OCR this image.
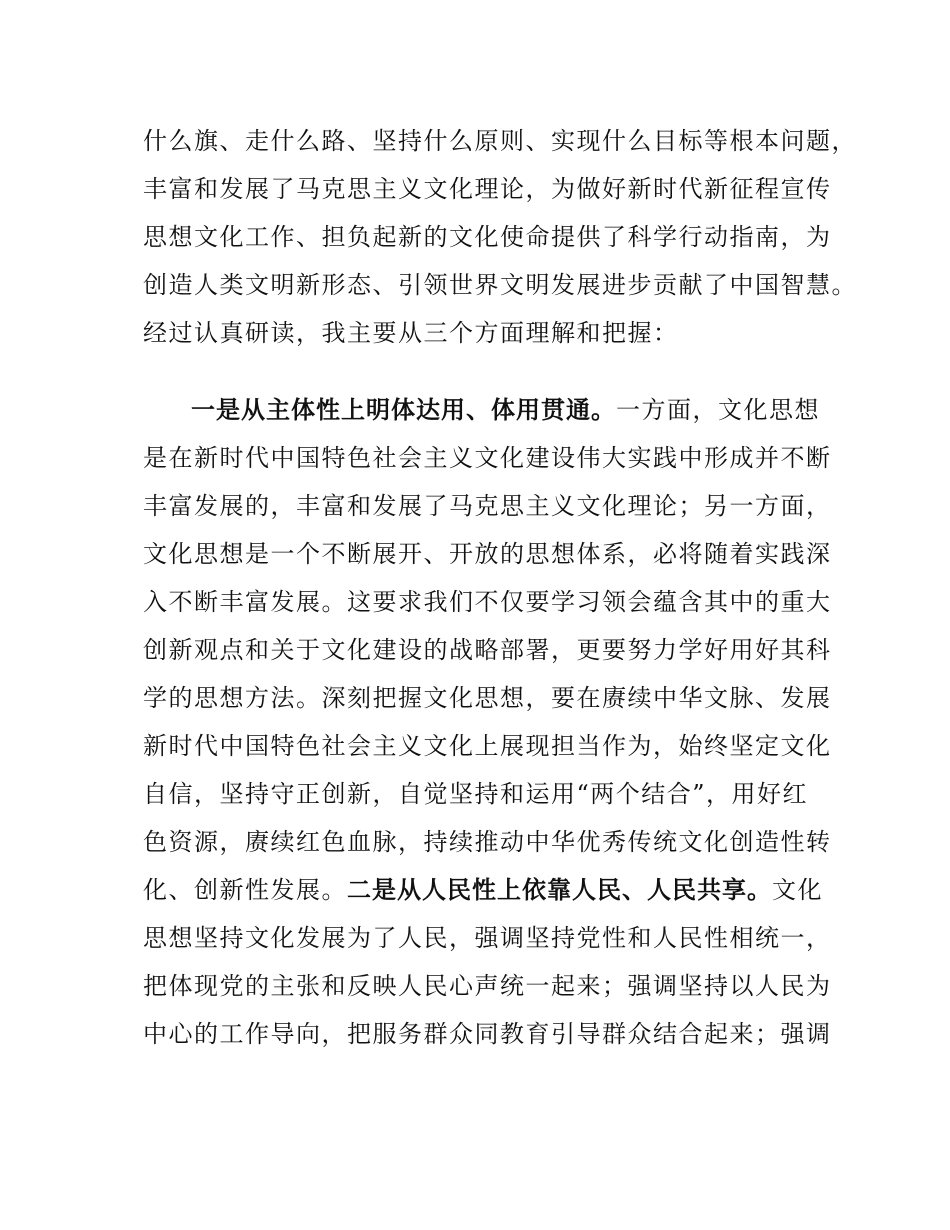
什么旗、走什么路、坚持什么原则、实现什么目标等根本问题，
丰富和发展了马克思主义文化理论，为做好新时代新征程宣传
思想文化工作、担负起新的文化使命提供了科学行动指南，为
创造人类文明新形态、引领世界文明发展进步贡献了中国智慧。
经过认真研读，我主要从三个方面理解和把握：
一是从主体性上明体达用、体用贯通。一方面，文化思想
是在新时代中国特色社会主义文化建设伟大实践中形成并不断
丰富发展的，丰富和发展了马克思主义文化理论；另一方面，
文化思想是一个不断展开、开放的思想体系，必将随着实践深
入不断丰富发展。这要求我们不仅要学习领会蕴含其中的重大
创新观点和关于文化建设的战略部署，更要努力学好用好其科
学的思想方法。深刻把握文化思想，要在赓续中华文脉、发展
新时代中国特色社会主义文化上展现担当作为，始终坚定文化
自信，坚持守正创新，自觉坚持和运用“两个结合”，用好红
色资源，赓续红色血脉，持续推动中华优秀传统文化创造性转
化、创新性发展。二是从人民性上依靠人民、人民共享。文化
思想坚持文化发展为了人民，强调坚持党性和人民性相统一，
把体现党的主张和反映人民心声统一起来；强调坚持以人民为
中心的工作导向，把服务群众同教育引导群众结合起来；强调
